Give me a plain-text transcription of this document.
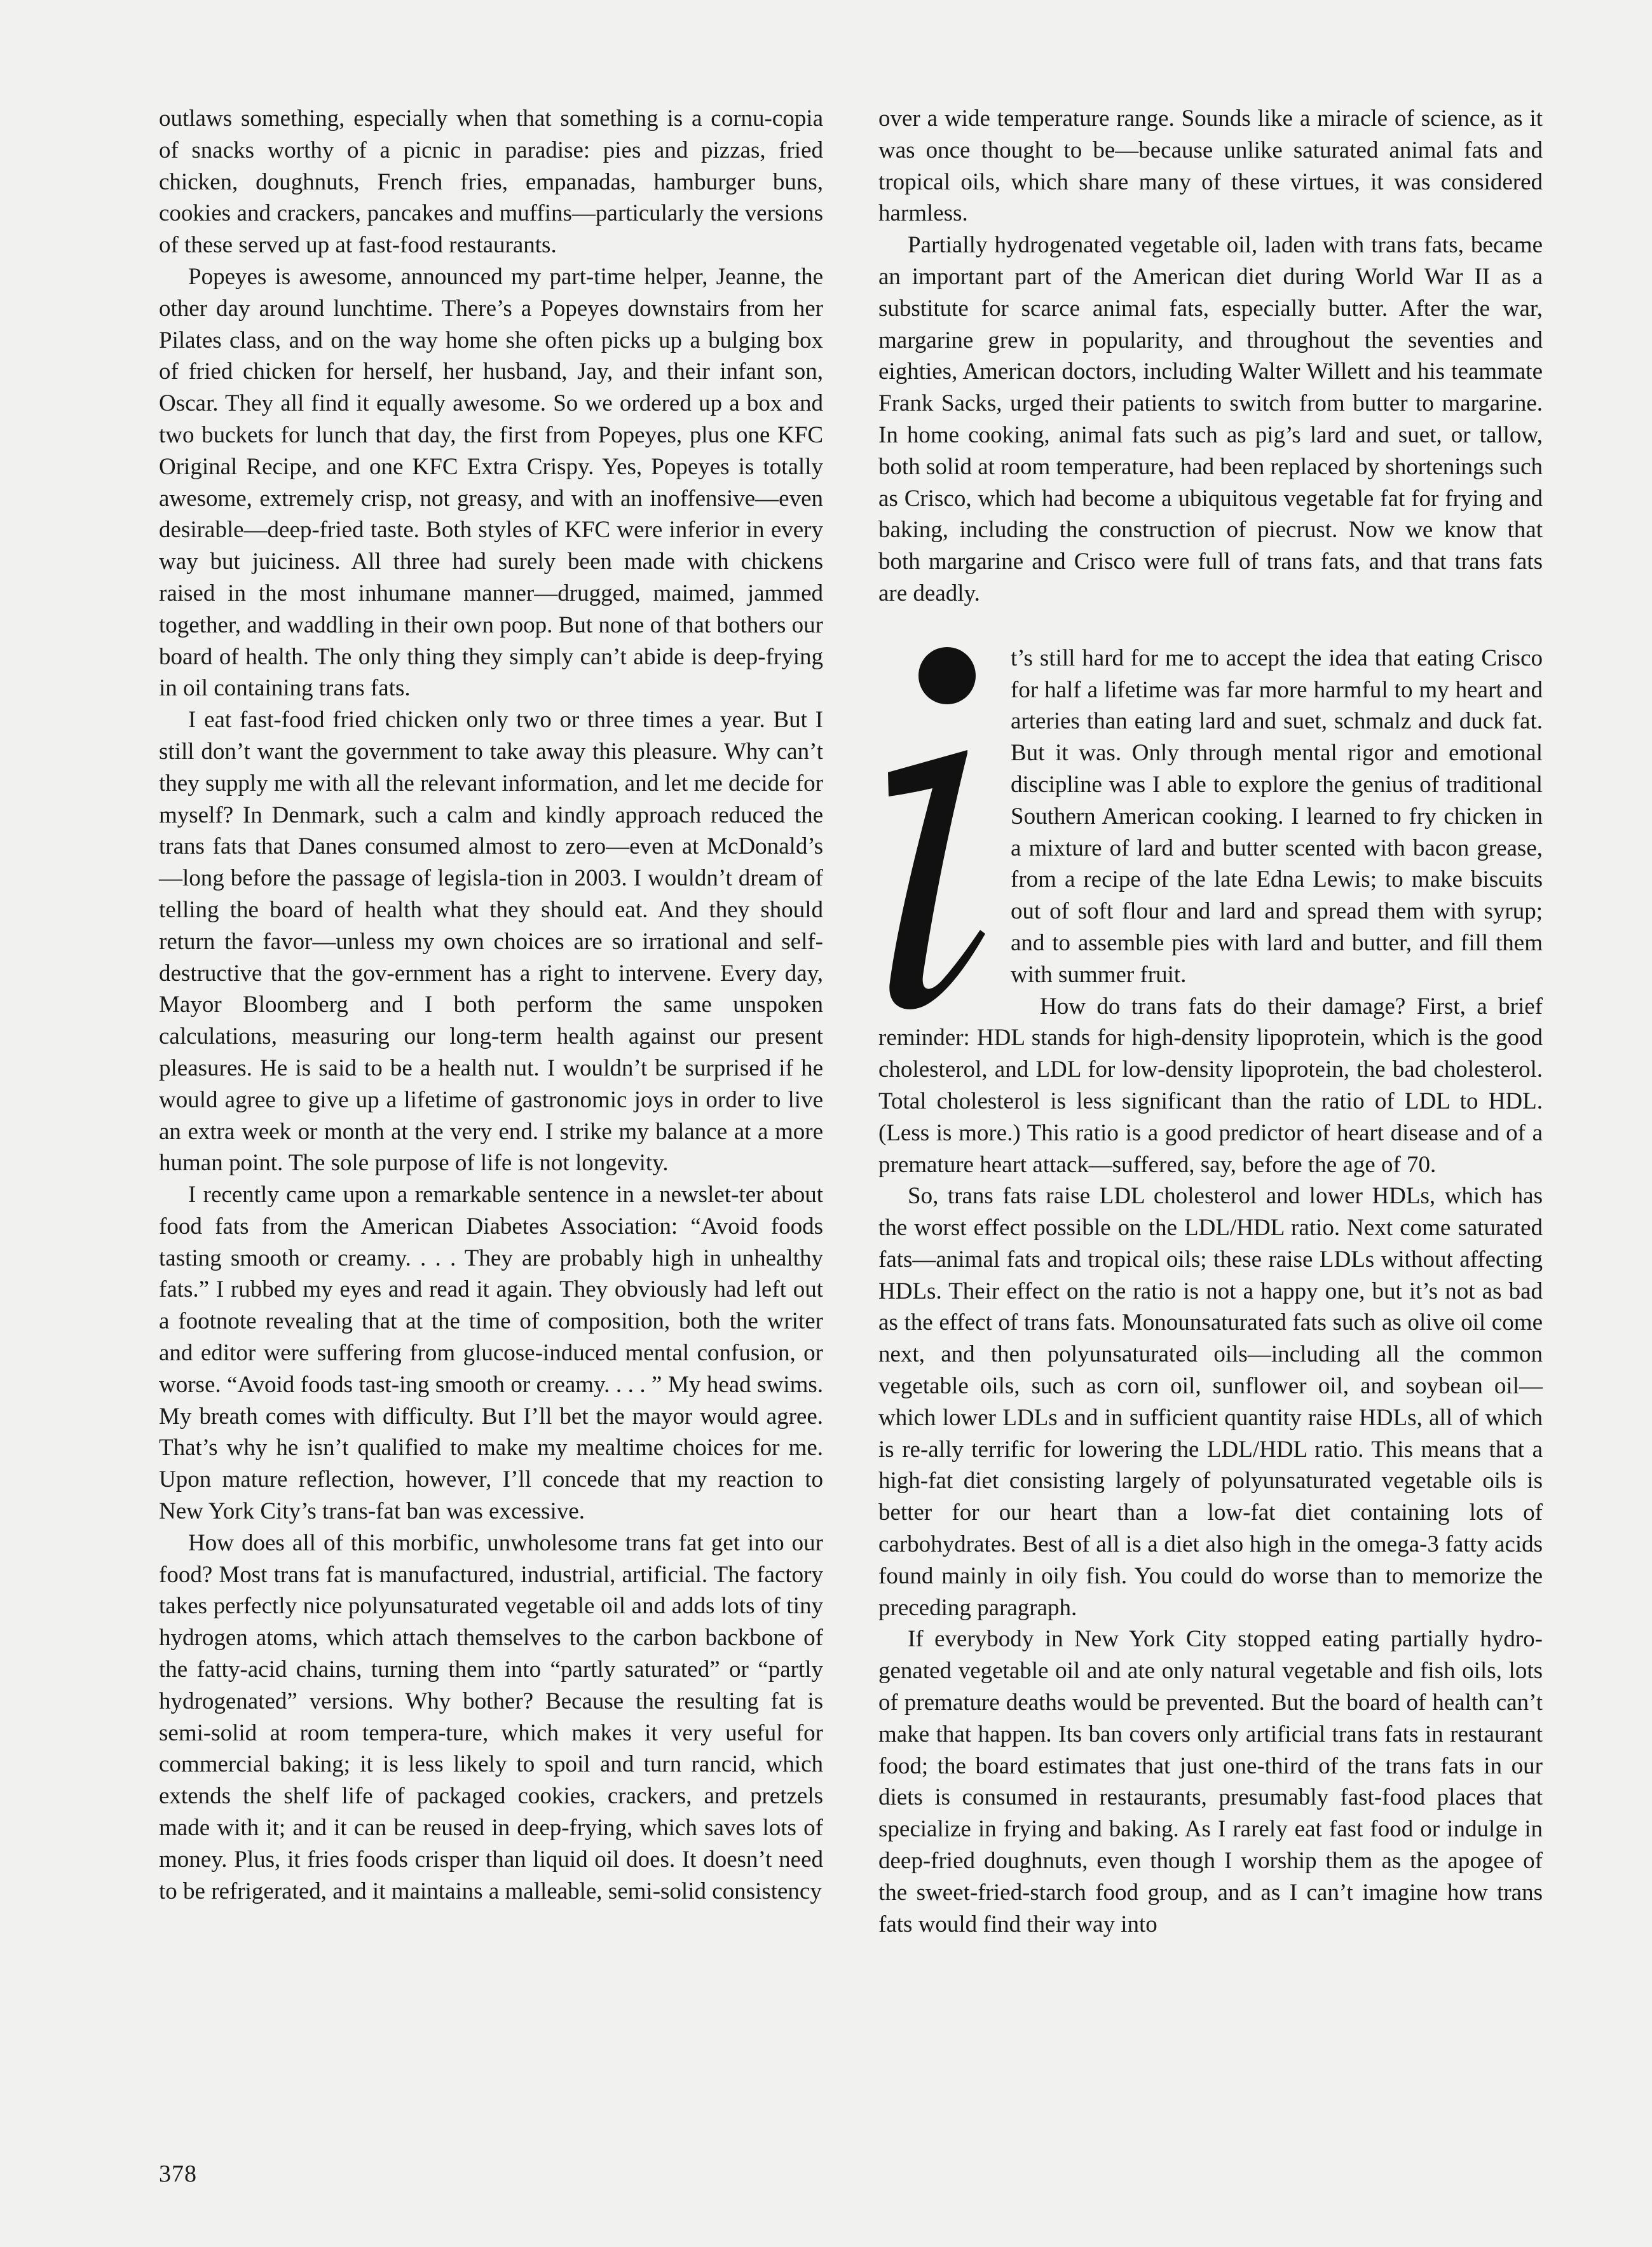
outlaws something, especially when that something is a cornu-copia of snacks worthy of a picnic in paradise: pies and pizzas, fried chicken, doughnuts, French fries, empanadas, hamburger buns, cookies and crackers, pancakes and muffins—particularly the versions of these served up at fast-food restaurants.

Popeyes is awesome, announced my part-time helper, Jeanne, the other day around lunchtime. There’s a Popeyes downstairs from her Pilates class, and on the way home she often picks up a bulging box of fried chicken for herself, her husband, Jay, and their infant son, Oscar. They all find it equally awesome. So we ordered up a box and two buckets for lunch that day, the first from Popeyes, plus one KFC Original Recipe, and one KFC Extra Crispy. Yes, Popeyes is totally awesome, extremely crisp, not greasy, and with an inoffensive—even desirable—deep-fried taste. Both styles of KFC were inferior in every way but juiciness. All three had surely been made with chickens raised in the most inhumane manner—drugged, maimed, jammed together, and waddling in their own poop. But none of that bothers our board of health. The only thing they simply can’t abide is deep-frying in oil containing trans fats.

I eat fast-food fried chicken only two or three times a year. But I still don’t want the government to take away this pleasure. Why can’t they supply me with all the relevant information, and let me decide for myself? In Denmark, such a calm and kindly approach reduced the trans fats that Danes consumed almost to zero—even at McDonald’s—long before the passage of legisla-tion in 2003. I wouldn’t dream of telling the board of health what they should eat. And they should return the favor—unless my own choices are so irrational and self-destructive that the gov-ernment has a right to intervene. Every day, Mayor Bloomberg and I both perform the same unspoken calculations, measuring our long-term health against our present pleasures. He is said to be a health nut. I wouldn’t be surprised if he would agree to give up a lifetime of gastronomic joys in order to live an extra week or month at the very end. I strike my balance at a more human point. The sole purpose of life is not longevity.

I recently came upon a remarkable sentence in a newslet-ter about food fats from the American Diabetes Association: “Avoid foods tasting smooth or creamy. . . . They are probably high in unhealthy fats.” I rubbed my eyes and read it again. They obviously had left out a footnote revealing that at the time of composition, both the writer and editor were suffering from glucose-induced mental confusion, or worse. “Avoid foods tast-ing smooth or creamy. . . . ” My head swims. My breath comes with difficulty. But I’ll bet the mayor would agree. That’s why he isn’t qualified to make my mealtime choices for me. Upon mature reflection, however, I’ll concede that my reaction to New York City’s trans-fat ban was excessive.

How does all of this morbific, unwholesome trans fat get into our food? Most trans fat is manufactured, industrial, artificial. The factory takes perfectly nice polyunsaturated vegetable oil and adds lots of tiny hydrogen atoms, which attach themselves to the carbon backbone of the fatty-acid chains, turning them into “partly saturated” or “partly hydrogenated” versions. Why bother? Because the resulting fat is semi-solid at room tempera-ture, which makes it very useful for commercial baking; it is less likely to spoil and turn rancid, which extends the shelf life of packaged cookies, crackers, and pretzels made with it; and it can be reused in deep-frying, which saves lots of money. Plus, it fries foods crisper than liquid oil does. It doesn’t need to be refrigerated, and it maintains a malleable, semi-solid consistency

over a wide temperature range. Sounds like a miracle of science, as it was once thought to be—because unlike saturated animal fats and tropical oils, which share many of these virtues, it was considered harmless.

Partially hydrogenated vegetable oil, laden with trans fats, became an important part of the American diet during World War II as a substitute for scarce animal fats, especially butter. After the war, margarine grew in popularity, and throughout the seventies and eighties, American doctors, including Walter Willett and his teammate Frank Sacks, urged their patients to switch from butter to margarine. In home cooking, animal fats such as pig’s lard and suet, or tallow, both solid at room temperature, had been replaced by shortenings such as Crisco, which had become a ubiquitous vegetable fat for frying and baking, including the construction of piecrust. Now we know that both margarine and Crisco were full of trans fats, and that trans fats are deadly.

t’s still hard for me to accept the idea that eating Crisco for half a lifetime was far more harmful to my heart and arteries than eating lard and suet, schmalz and duck fat. But it was. Only through mental rigor and emotional discipline was I able to explore the genius of traditional Southern American cooking. I learned to fry chicken in a mixture of lard and butter scented with bacon grease, from a recipe of the late Edna Lewis; to make biscuits out of soft flour and lard and spread them with syrup; and to assemble pies with lard and butter, and fill them with summer fruit.

How do trans fats do their damage? First, a brief reminder: HDL stands for high-density lipoprotein, which is the good cholesterol, and LDL for low-density lipoprotein, the bad cholesterol. Total cholesterol is less significant than the ratio of LDL to HDL. (Less is more.) This ratio is a good predictor of heart disease and of a premature heart attack—suffered, say, before the age of 70.

So, trans fats raise LDL cholesterol and lower HDLs, which has the worst effect possible on the LDL/HDL ratio. Next come saturated fats—animal fats and tropical oils; these raise LDLs without affecting HDLs. Their effect on the ratio is not a happy one, but it’s not as bad as the effect of trans fats. Monounsaturated fats such as olive oil come next, and then polyunsaturated oils—including all the common vegetable oils, such as corn oil, sunflower oil, and soybean oil—which lower LDLs and in sufficient quantity raise HDLs, all of which is re-ally terrific for lowering the LDL/HDL ratio. This means that a high-fat diet consisting largely of polyunsaturated vegetable oils is better for our heart than a low-fat diet containing lots of carbohydrates. Best of all is a diet also high in the omega-3 fatty acids found mainly in oily fish. You could do worse than to memorize the preceding paragraph.

If everybody in New York City stopped eating partially hydro-genated vegetable oil and ate only natural vegetable and fish oils, lots of premature deaths would be prevented. But the board of health can’t make that happen. Its ban covers only artificial trans fats in restaurant food; the board estimates that just one-third of the trans fats in our diets is consumed in restaurants, presumably fast-food places that specialize in frying and baking. As I rarely eat fast food or indulge in deep-fried doughnuts, even though I worship them as the apogee of the sweet-fried-starch food group, and as I can’t imagine how trans fats would find their way into

378
